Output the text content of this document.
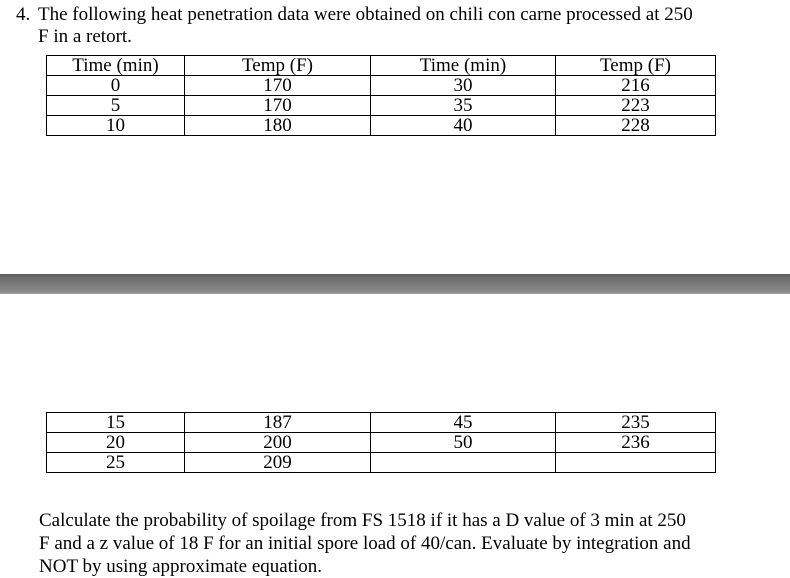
4. The following heat penetration data were obtained on chili con carne processed at 250
F in a retort.
Time (min)	Temp (F)	Time (min)	Temp (F)
0	170	30	216
5	170	35	223
10	180	40	228
15	187	45	235
20	200	50	236
25	209		
Calculate the probability of spoilage from FS 1518 if it has a D value of 3 min at 250
F and a z value of 18 F for an initial spore load of 40/can. Evaluate by integration and
NOT by using approximate equation.
